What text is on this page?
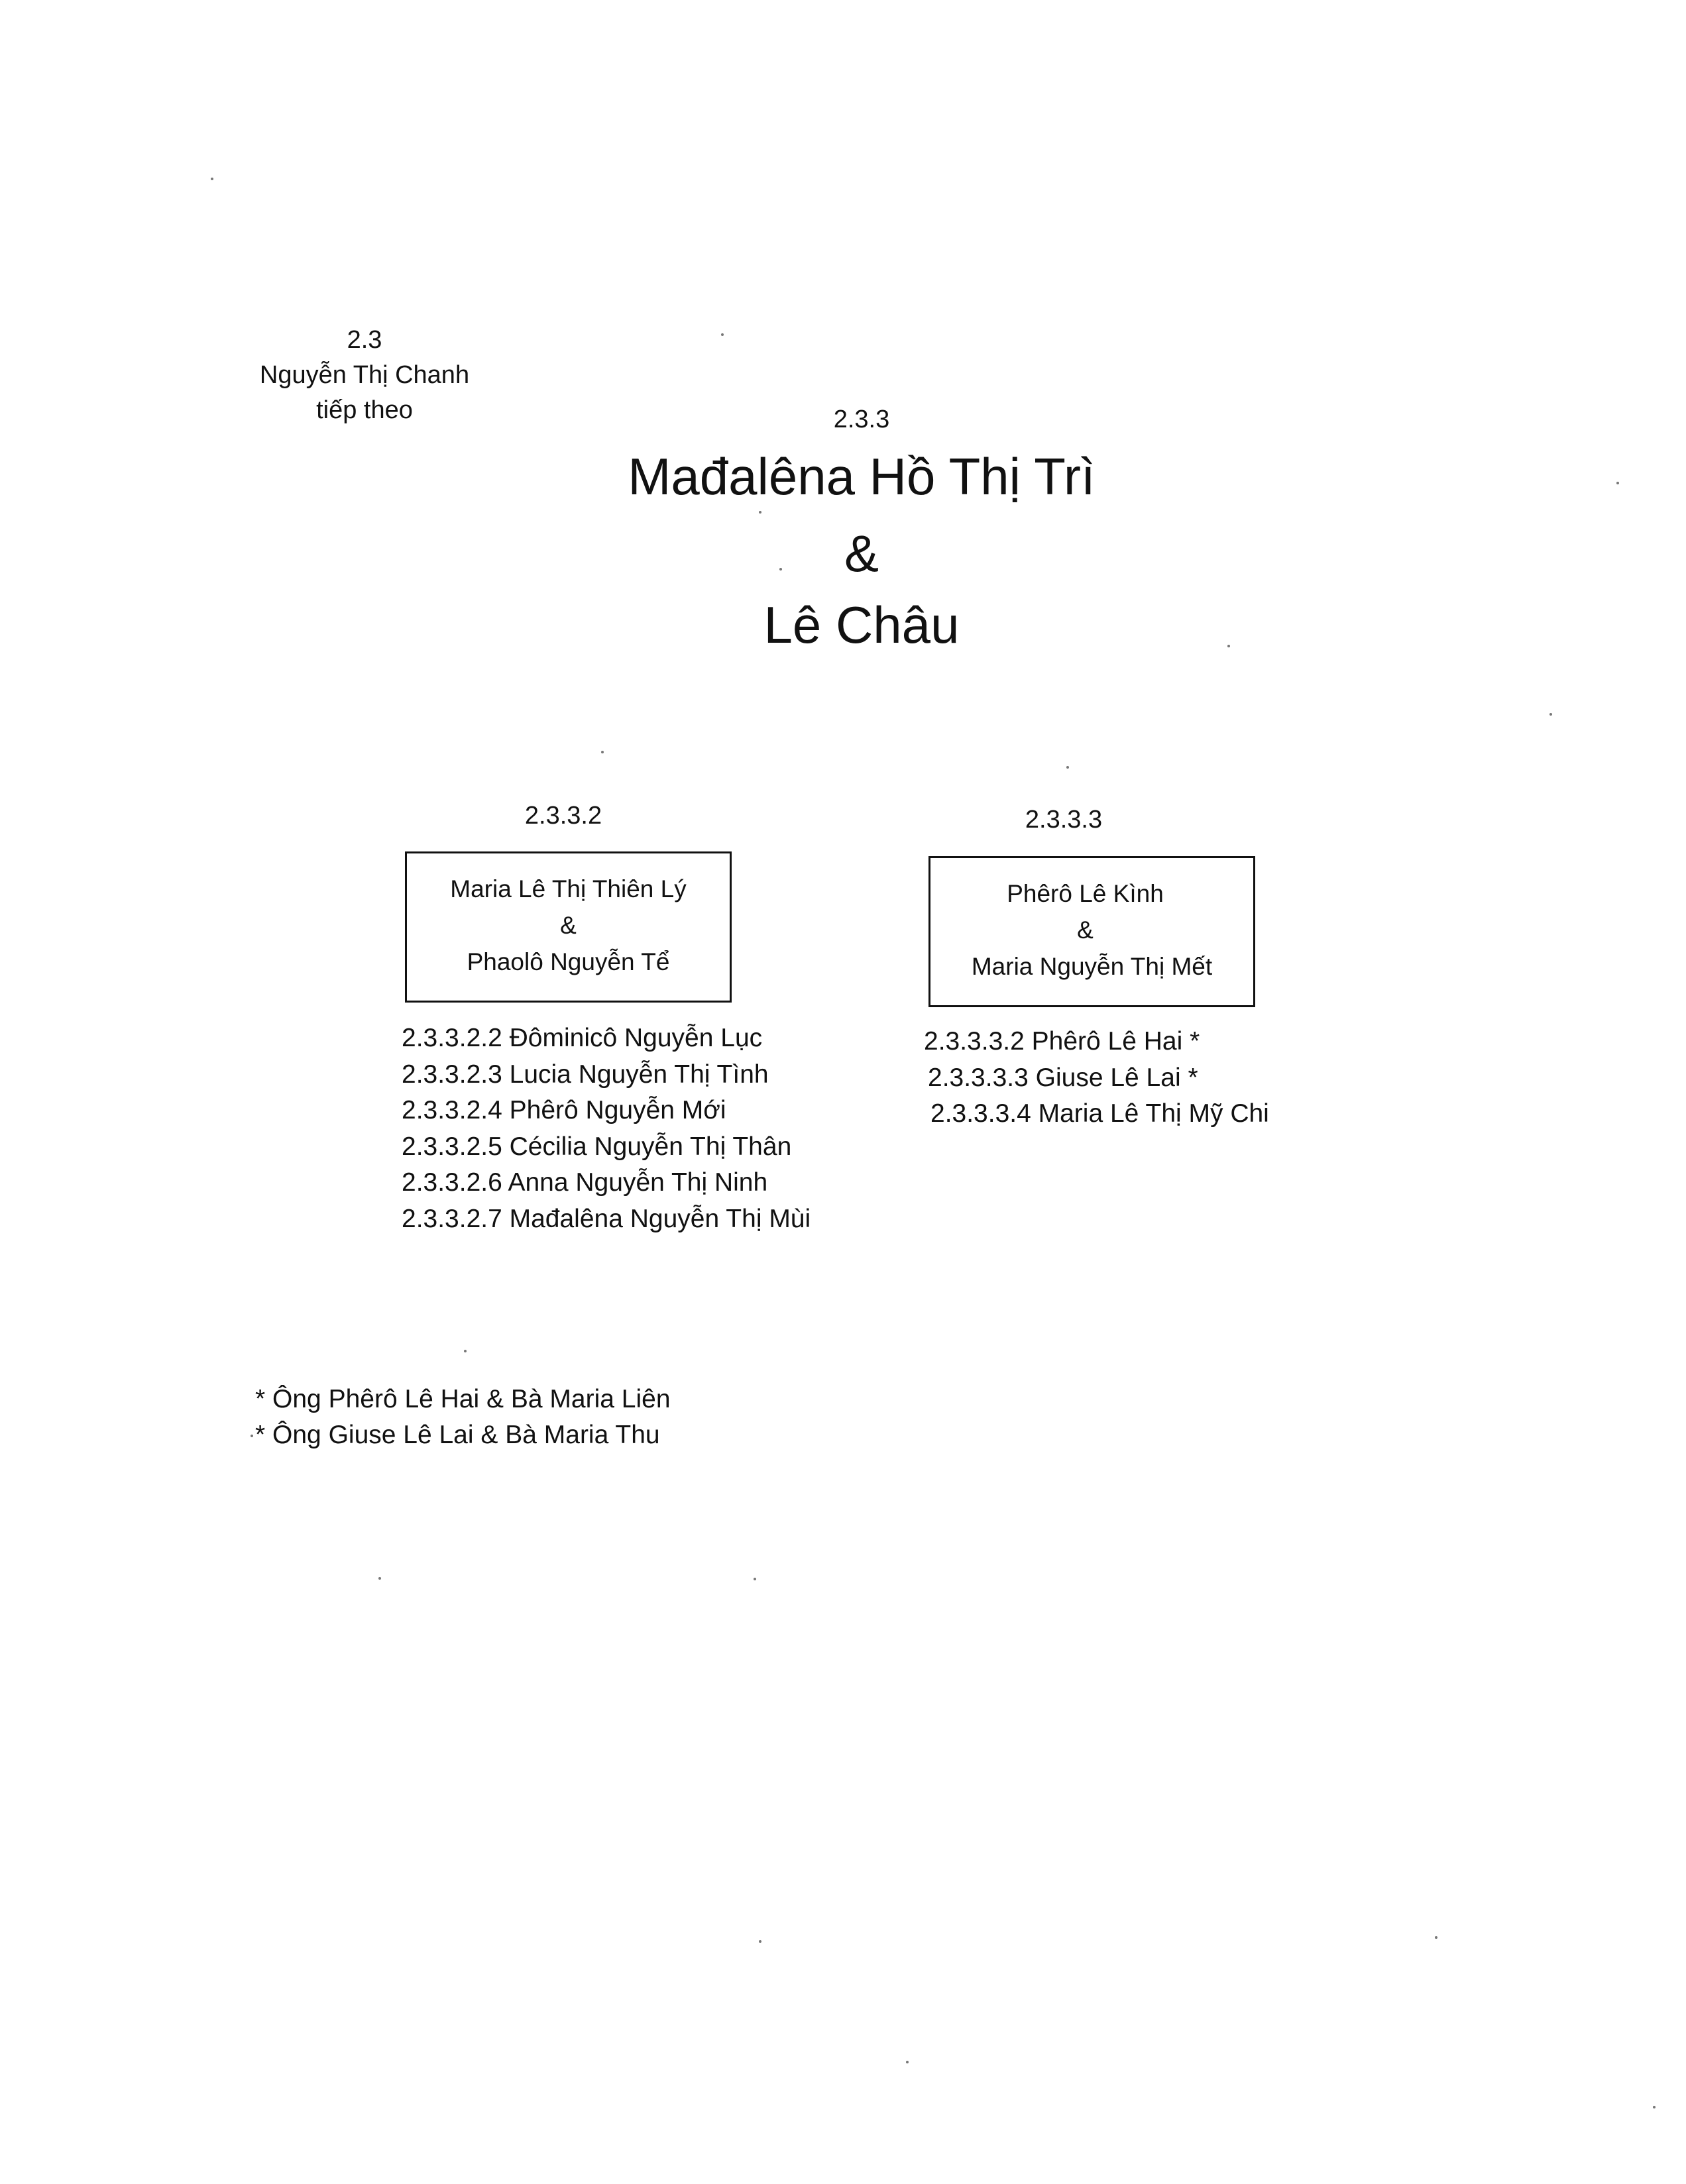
2.3
Nguyễn Thị Chanh
tiếp theo	2.3.3
Mađalêna Hồ Thị Trì
&
Lê Châu
2.3.3.2
Maria Lê Thị Thiên Lý
&
Phaolô Nguyễn Tể
2.3.3.2.2 Đôminicô Nguyễn Lục
2.3.3.2.3 Lucia Nguyễn Thị Tình
2.3.3.2.4 Phêrô Nguyễn Mới
2.3.3.2.5 Cécilia Nguyễn Thị Thân
2.3.3.2.6 Anna Nguyễn Thị Ninh
2.3.3.2.7 Mađalêna Nguyễn Thị Mùi
2.3.3.3
Phêrô Lê Kình
&
Maria Nguyễn Thị Mết
2.3.3.3.2 Phêrô Lê Hai *
2.3.3.3.3 Giuse Lê Lai *
2.3.3.3.4 Maria Lê Thị Mỹ Chi
* Ông Phêrô Lê Hai & Bà Maria Liên
* Ông Giuse Lê Lai & Bà Maria Thu
